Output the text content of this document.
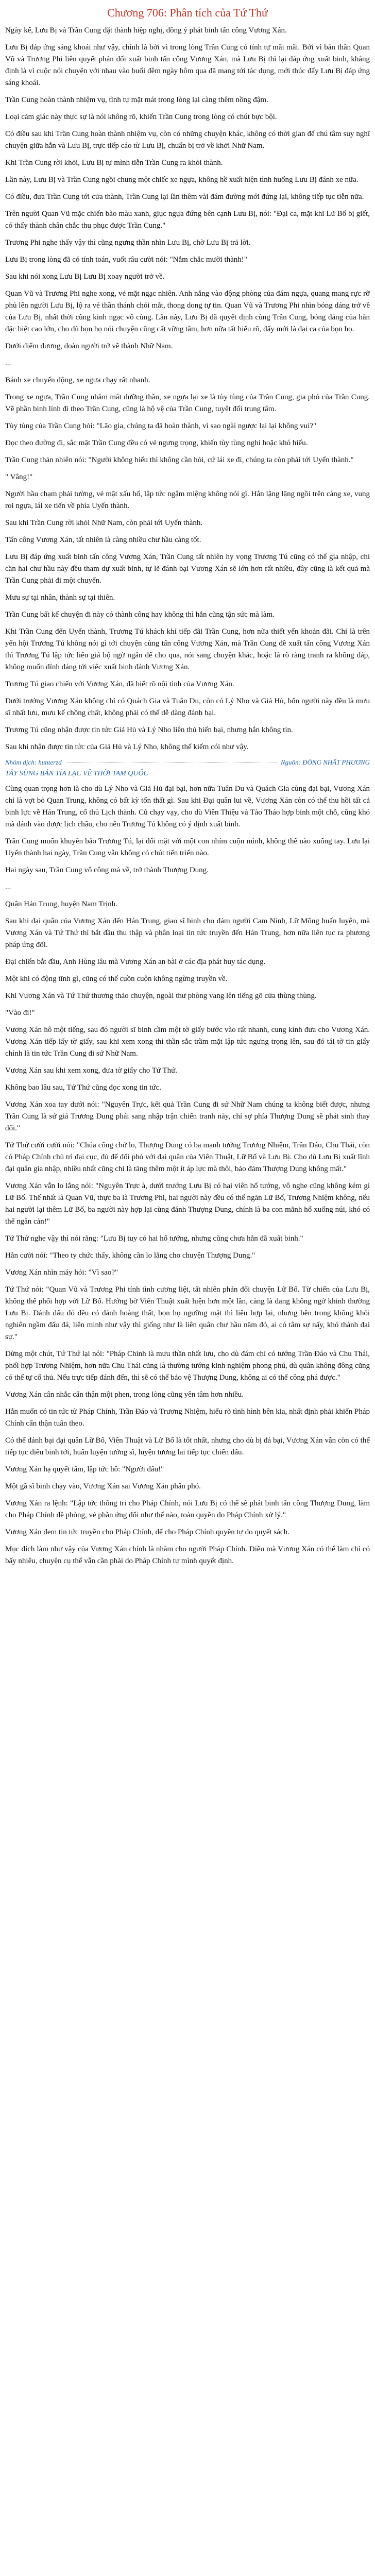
Chương 706: Phân tích của Tứ Thứ

Ngày kế, Lưu Bị và Trần Cung đặt thành hiệp nghị, đồng ý phát binh tấn công Vương Xán.

Lưu Bị đáp ứng sáng khoái như vậy, chính là bởi vì trong lòng Trần Cung có tính tự mãi mãi. Bởi vì bản thân Quan Vũ và Trương Phi liên quyết phản đối xuất binh tấn công Vương Xán, mà Lưu Bị thì lại đáp ứng xuất binh, khẳng định là vì cuộc nói chuyện với nhau vào buổi đêm ngày hôm qua đã mang tới tác dụng, mới thúc đẩy Lưu Bị đáp ứng sáng khoái.

Trần Cung hoàn thành nhiệm vụ, tình tự mặt mát trong lòng lại càng thêm nồng đậm.

Loại cảm giác này thực sự là nói không rõ, khiến Trần Cung trong lòng có chút bực bội.

Có điều sau khi Trần Cung hoàn thành nhiệm vụ, còn có những chuyện khác, không có thời gian để chú tâm suy nghĩ chuyện giữa hắn và Lưu Bị, trực tiếp cáo từ Lưu Bị, chuẩn bị trở về khởi Nhữ Nam.

Khi Trần Cung rời khỏi, Lưu Bị tự mình tiễn Trần Cung ra khỏi thành.

Lần này, Lưu Bị và Trần Cung ngồi chung một chiếc xe ngựa, không hề xuất hiện tình huống Lưu Bị đánh xe nữa.

Có điều, đưa Trần Cung tới cửa thành, Trần Cung lại lần thêm vài đám đường mới đứng lại, không tiếp tục tiễn nữa.

Trên người Quan Vũ mặc chiến bào màu xanh, giục ngựa đứng bên cạnh Lưu Bị, nói: "Đại ca, mặt khi Lữ Bố bị giết, có thấy thành chân chắc thu phục được Trần Cung."

Trương Phi nghe thấy vậy thì cũng ngưng thần nhìn Lưu Bị, chờ Lưu Bị trả lời.

Lưu Bị trong lòng đã có tính toán, vuốt râu cười nói: "Nắm chắc mười thành!"

Sau khi nói xong Lưu Bị Lưu Bị xoay người trở về.

Quan Vũ và Trương Phi nghe xong, vẻ mặt ngạc nhiên. Anh nắng vào động phòng của đám ngựa, quang mang rực rỡ phủ lên người Lưu Bị, lộ ra vẻ thần thánh chói mắt, thong dong tự tin. Quan Vũ và Trương Phi nhìn bóng dáng trở về của Lưu Bị, nhất thời cũng kinh ngạc vô cùng. Lần này, Lưu Bị đã quyết định cùng Trần Cung, bóng dáng của hắn đặc biệt cao lớn, cho dù bọn họ nói chuyện cũng cất vững tâm, hơn nữa tất hiểu rõ, đấy mới là đại ca của bọn họ.

Dưới điểm đương, đoàn người trở về thành Nhữ Nam.

...

Bánh xe chuyển động, xe ngựa chạy rất nhanh.

Trong xe ngựa, Trần Cung nhắm mắt dưỡng thần, xe ngựa lại xe là tùy tùng của Trần Cung, gia phó của Trần Cung. Về phần binh lính đi theo Trần Cung, cũng là hộ vệ của Trần Cung, tuyệt đối trung tâm.

Tùy tùng của Trần Cung hỏi: "Lão gia, chúng ta đã hoàn thành, vì sao ngài ngược lại lại không vui?"

Đọc theo đường đi, sắc mặt Trần Cung đều có vẻ ngưng trọng, khiến tùy tùng nghi hoặc khó hiểu.

Trần Cung thản nhiên nói: "Người không hiểu thì không cần hỏi, cứ lái xe đi, chúng ta còn phải tới Uyển thành."

" Vâng!"

Người hầu chạm phải tường, vẻ mặt xấu hổ, lập tức ngậm miệng không nói gì. Hắn lặng lặng ngồi trên càng xe, vung roi ngựa, lái xe tiến về phía Uyển thành.

Sau khi Trần Cung rời khỏi Nhữ Nam, còn phải tới Uyển thành.

Tấn công Vương Xán, tất nhiên là càng nhiều chư hầu càng tốt.

Lưu Bị đáp ứng xuất binh tấn công Vương Xán, Trần Cung tất nhiên hy vọng Trương Tú cũng có thể gia nhập, chỉ cần hai chư hầu này đều tham dự xuất binh, tự lẽ đánh bại Vương Xán sẽ lớn hơn rất nhiều, đây cũng là kết quả mà Trần Cung phải đi một chuyến.

Mưu sự tại nhân, thành sự tại thiên.

Trần Cung bất kể chuyện đi này có thành công hay không thì hắn cũng tận sức mà làm.

Khi Trần Cung đến Uyển thành, Trương Tú khách khí tiếp đãi Trần Cung, hơn nữa thiết yến khoản đãi. Chỉ là trên yến hội Trương Tú không nói gì tới chuyện cùng tấn công Vương Xán, mà Trần Cung đề xuất tấn công Vương Xán thì Trương Tú lập tức liên giả bộ ngờ ngẫn để cho qua, nói sang chuyện khác, hoặc là rõ ràng tranh ra không đáp, không muốn đính dáng tới việc xuất binh đánh Vương Xán.

Trương Tú giao chiến với Vương Xán, đã biết rõ nội tình của Vương Xán.

Dưới trướng Vương Xán không chỉ có Quách Gia và Tuân Du, còn có Lý Nho và Giả Hủ, bốn người này đều là mưu sĩ nhất lưu, mưu kế chồng chất, không phải có thể dễ dàng đánh bại.

Trương Tú cũng nhận được tin tức Giả Hủ và Lý Nho liên thủ hiến bại, nhưng hắn không tin.

Sau khi nhận được tin tức của Giả Hủ và Lý Nho, không thể kiếm cói như vậy.

Nhóm dịch: hunterzd	Nguồn: ĐÔNG NHẤT PHƯƠNG
TÂY SÙNG BẢN TÍA LẠC VỀ THỜI TAM QUỐC

Cùng quan trọng hơn là cho dù Lý Nho và Giả Hủ đại bại, hơn nữa Tuân Du và Quách Gia cùng đại bại, Vương Xán chỉ là vợt bỏ Quan Trung, không có bất kỳ tổn thất gì. Sau khi Đại quân lui về, Vương Xán còn có thể thu hồi tất cả binh lực về Hán Trung, cổ thủ Lịch thành. Cũ chạy vạy, cho dù Viên Thiệu và Tào Tháo hợp binh một chỗ, cũng khó mà đánh vào được lịch châu, cho nên Trương Tú không có ý định xuất binh.

Trần Cung muốn khuyên bảo Trương Tú, lại dối mặt với một con nhím cuộn mình, không thể nào xuống tay. Lưu lại Uyển thành hai ngày, Trần Cung vẫn không có chút tiến triển nào.

Hai ngày sau, Trần Cung vô công mà về, trở thành Thượng Dung.

...

Quận Hán Trung, huyện Nam Trịnh.

Sau khi đại quân của Vương Xán đến Hán Trung, giao sĩ binh cho đám người Cam Ninh, Lữ Mông huấn luyện, mà Vương Xán và Tứ Thứ thì bắt đầu thu thập và phân loại tin tức truyền đến Hán Trung, hơn nữa liên tục ra phương pháp ứng đối.

Đại chiến bắt đầu, Anh Hùng lâu mà Vương Xán an bài ở các địa phát huy tác dụng.

Một khi có động tĩnh gì, cũng có thể cuồn cuộn không ngừng truyền về.

Khi Vương Xán và Tứ Thứ thương thảo chuyện, ngoài thư phòng vang lên tiếng gõ cửa thùng thùng.

"Vào đi!"

Vương Xán hô một tiếng, sau đó người sĩ binh cầm một tờ giấy bước vào rất nhanh, cung kính đưa cho Vương Xán. Vương Xán tiếp lấy tờ giấy, sau khi xem xong thì thần sắc trầm mặt lập tức ngưng trọng lên, sau đó tái tờ tin giấy chính là tin tức Trần Cung đi sứ Nhữ Nam.

Vương Xán sau khi xem xong, đưa tờ giấy cho Tứ Thứ.

Không bao lâu sau, Tứ Thứ cũng đọc xong tin tức.

Vương Xán xoa tay dưới nói: "Nguyên Trực, kết quả Trần Cung đi sứ Nhữ Nam chúng ta không biết được, nhưng Trần Cung là sứ giả Trương Dung phái sang nhập trận chiến tranh này, chỉ sợ phía Thượng Dung sẽ phát sinh thay đổi."

Tứ Thứ cười cười nói: "Chúa công chớ lo, Thượng Dung có ba mạnh tướng Trương Nhiệm, Trần Đáo, Chu Thái, còn có Pháp Chính chủ trì đại cục, đủ để đối phó với đại quân của Viên Thuật, Lữ Bố và Lưu Bị. Cho dù Lưu Bị xuất lĩnh đại quân gia nhập, nhiều nhất cũng chỉ là tăng thêm một ít áp lực mà thôi, bảo đảm Thượng Dung không mất."

Vương Xán vẫn lo lắng nói: "Nguyên Trực à, dưới trướng Lưu Bị có hai viên hổ tướng, vô nghe cũng không kém gì Lữ Bố. Thế nhất là Quan Vũ, thực ba là Trương Phi, hai người này đều có thể ngăn Lữ Bố, Trương Nhiệm không, nếu hai người lại thêm Lữ Bố, ba người này hợp lại cùng đánh Thượng Dung, chính là ba con mãnh hổ xuống núi, khó có thể ngăn cản!"

Tứ Thứ nghe vậy thì nói rằng: "Lưu Bị tuy có hai hổ tướng, nhưng cũng chưa hẳn đã xuất binh."

Hắn cười nói: "Theo ty chức thấy, không cần lo lắng cho chuyện Thượng Dung."

Vương Xán nhìn máy hỏi: "Vì sao?"

Tứ Thứ nói: "Quan Vũ và Trương Phi tính tình cương liệt, tất nhiên phản đối chuyện Lữ Bố. Từ chiến của Lưu Bị, không thể phối hợp với Lữ Bố. Hướng bờ Viên Thuật xuất hiện hơn một lần, càng là đang không ngờ khinh thường Lưu Bị. Đánh dấu đó đều có đánh hoàng thất, bọn họ ngưỡng mặt thì liên hợp lại, nhưng bên trong không khỏi nghiên ngầm đấu đá, liên minh như vậy thì giống như là liên quân chư hầu năm đó, ai có tâm sự nấy, khó thành đại sự."

Dừng một chút, Tứ Thứ lại nói: "Pháp Chính là mưu thần nhất lưu, cho dù đám chỉ có tướng Trần Đáo và Chu Thái, phối hợp Trương Nhiệm, hơn nữa Chu Thái cũng là thường tướng kinh nghiệm phong phú, dù quân không đông cũng có thể tự cố thủ. Nếu trực tiếp đánh đến, thì sẽ có thể bảo vệ Thượng Dung, không ai có thể công phá được."

Vương Xán cân nhắc cẩn thận một phen, trong lòng cũng yên tâm hơn nhiều.

Hắn muốn có tin tức từ Pháp Chính, Trần Đáo và Trương Nhiệm, hiểu rõ tình hình bên kia, nhất định phải khiến Pháp Chính cẩn thận tuân theo.

Có thể đánh bại đại quân Lữ Bố, Viên Thuật và Lữ Bố là tốt nhất, nhưng cho dù bị đả bại, Vương Xán vẫn còn có thể tiếp tục điều binh tới, huấn luyện tướng sĩ, luyện tương lai tiếp tục chiến đấu.

Vương Xán hạ quyết tâm, lập tức hô: "Người đâu!"

Một gã sĩ binh chạy vào, Vương Xán sai Vương Xán phân phó.

Vương Xán ra lệnh: "Lập tức thông tri cho Pháp Chính, nói Lưu Bị có thể sẽ phát binh tấn công Thượng Dung, làm cho Pháp Chính đề phòng, vẻ phần ứng đối như thế nào, toàn quyền do Pháp Chính xử lý."

Vương Xán đem tin tức truyền cho Pháp Chính, để cho Pháp Chính quyền tự do quyết sách.

Mục đích làm như vậy của Vương Xán chính là nhằm cho người Pháp Chính. Điều mà Vương Xán có thể làm chỉ có bấy nhiêu, chuyện cụ thể vẫn cần phải do Pháp Chính tự mình quyết định.
